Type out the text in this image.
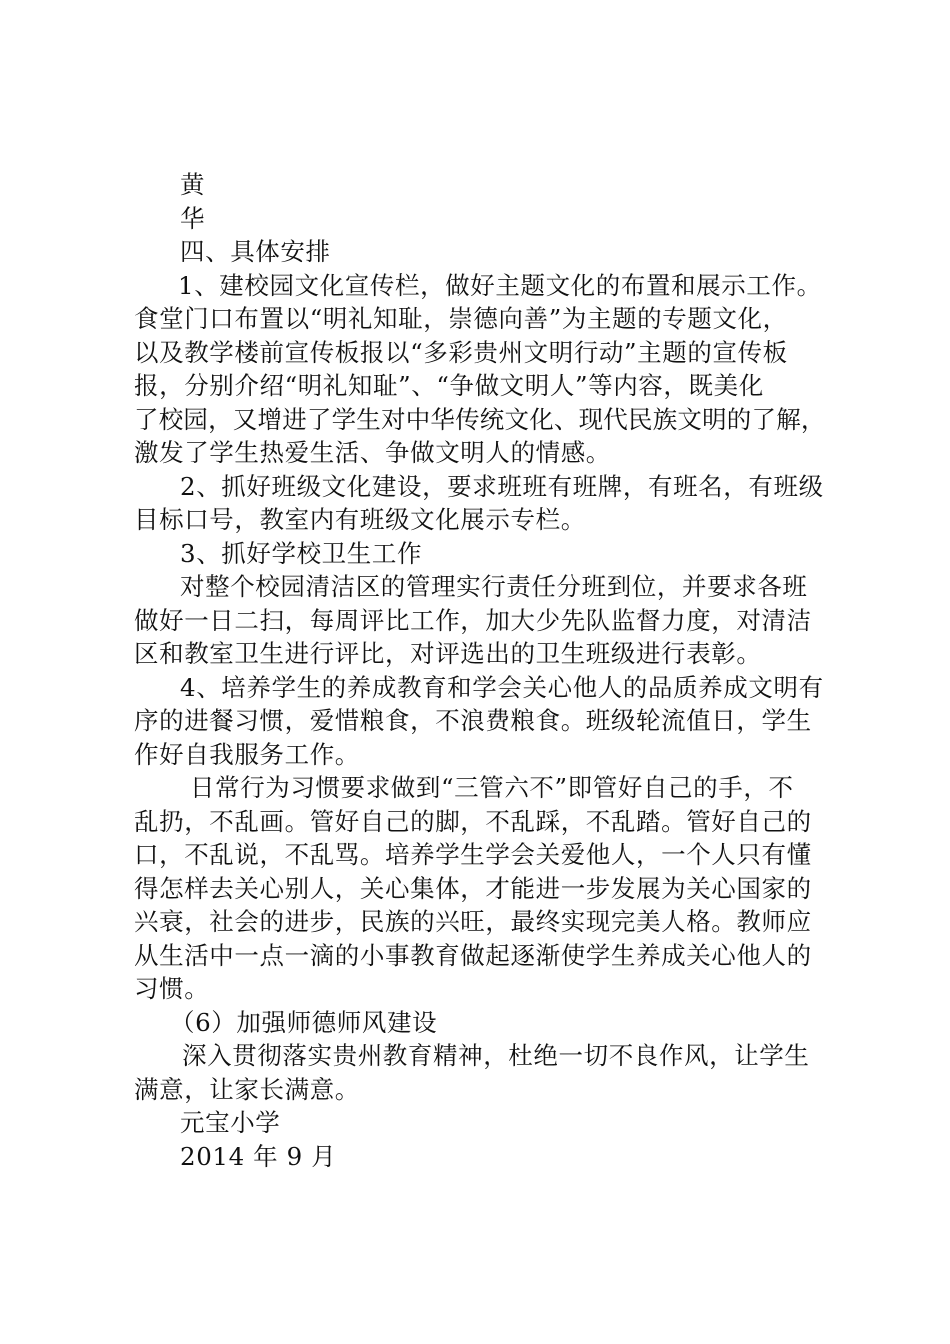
黄
华
四、具体安排
1、建校园文化宣传栏，做好主题文化的布置和展示工作。
食堂门口布置以“明礼知耻，崇德向善”为主题的专题文化，
以及教学楼前宣传板报以“多彩贵州文明行动”主题的宣传板
报，分别介绍“明礼知耻”、“争做文明人”等内容，既美化
了校园，又增进了学生对中华传统文化、现代民族文明的了解，
激发了学生热爱生活、争做文明人的情感。
2、抓好班级文化建设，要求班班有班牌，有班名，有班级
目标口号，教室内有班级文化展示专栏。
3、抓好学校卫生工作
对整个校园清洁区的管理实行责任分班到位，并要求各班
做好一日二扫，每周评比工作，加大少先队监督力度，对清洁
区和教室卫生进行评比，对评选出的卫生班级进行表彰。
4、培养学生的养成教育和学会关心他人的品质养成文明有
序的进餐习惯，爱惜粮食，不浪费粮食。班级轮流值日，学生
作好自我服务工作。
日常行为习惯要求做到“三管六不”即管好自己的手，不
乱扔，不乱画。管好自己的脚，不乱踩，不乱踏。管好自己的
口，不乱说，不乱骂。培养学生学会关爱他人，一个人只有懂
得怎样去关心别人，关心集体，才能进一步发展为关心国家的
兴衰，社会的进步，民族的兴旺，最终实现完美人格。教师应
从生活中一点一滴的小事教育做起逐渐使学生养成关心他人的
习惯。
（6）加强师德师风建设
深入贯彻落实贵州教育精神，杜绝一切不良作风，让学生
满意，让家长满意。
元宝小学
2014 年 9 月
